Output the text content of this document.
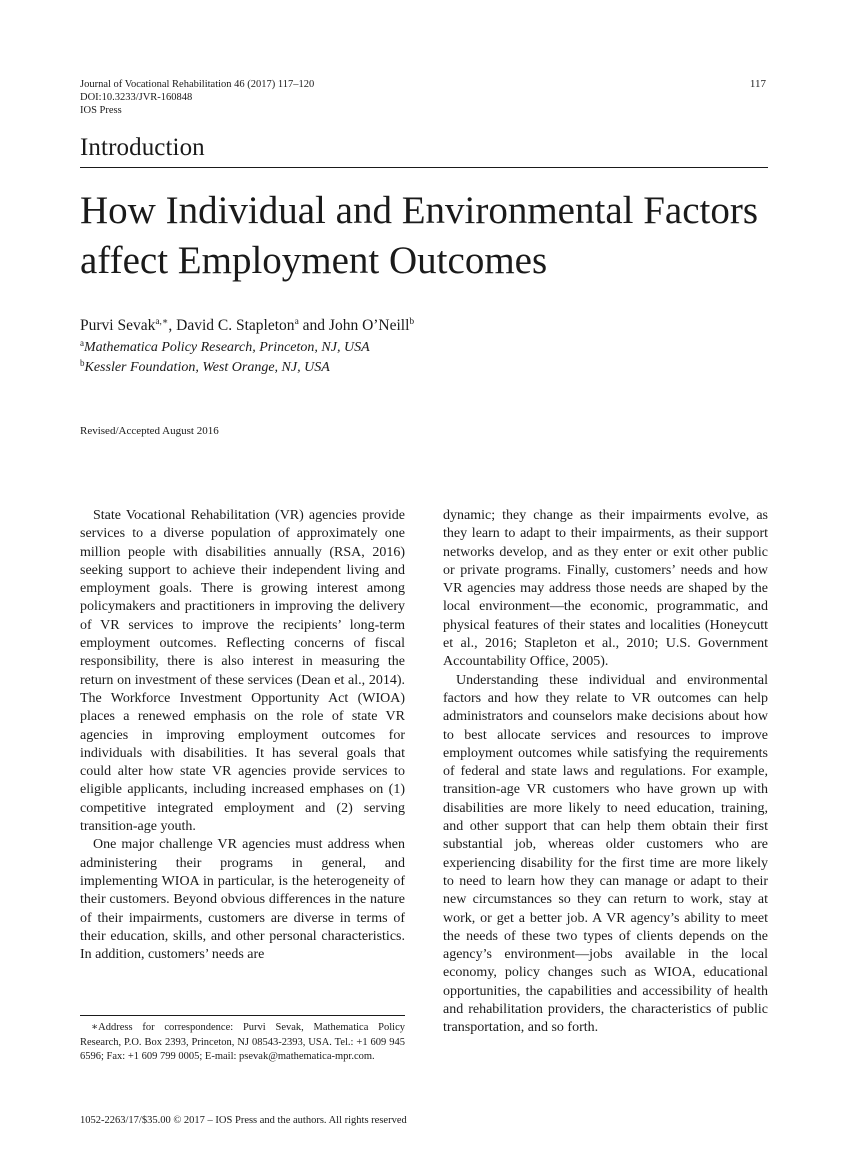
Journal of Vocational Rehabilitation 46 (2017) 117–120
DOI:10.3233/JVR-160848
IOS Press
117
Introduction
How Individual and Environmental Factors
affect Employment Outcomes
Purvi Sevak$^{a,∗}$, David C. Stapleton$^a$ and John O’Neill$^b$
$^a$Mathematica Policy Research, Princeton, NJ, USA
$^b$Kessler Foundation, West Orange, NJ, USA
Revised/Accepted August 2016

State Vocational Rehabilitation (VR) agencies provide services to a diverse population of approximately one million people with disabilities annually (RSA, 2016) seeking support to achieve their independent living and employment goals. There is growing interest among policymakers and practitioners in improving the delivery of VR services to improve the recipients’ long-term employment outcomes. Reflecting concerns of fiscal responsibility, there is also interest in measuring the return on investment of these services (Dean et al., 2014). The Workforce Investment Opportunity Act (WIOA) places a renewed emphasis on the role of state VR agencies in improving employment outcomes for individuals with disabilities. It has several goals that could alter how state VR agencies provide services to eligible applicants, including increased emphases on (1) competitive integrated employment and (2) serving transition-age youth.

One major challenge VR agencies must address when administering their programs in general, and implementing WIOA in particular, is the heterogeneity of their customers. Beyond obvious differences in the nature of their impairments, customers are diverse in terms of their education, skills, and other personal characteristics. In addition, customers’ needs are

dynamic; they change as their impairments evolve, as they learn to adapt to their impairments, as their support networks develop, and as they enter or exit other public or private programs. Finally, customers’ needs and how VR agencies may address those needs are shaped by the local environment—the economic, programmatic, and physical features of their states and localities (Honeycutt et al., 2016; Stapleton et al., 2010; U.S. Government Accountability Office, 2005).

Understanding these individual and environmental factors and how they relate to VR outcomes can help administrators and counselors make decisions about how to best allocate services and resources to improve employment outcomes while satisfying the requirements of federal and state laws and regulations. For example, transition-age VR customers who have grown up with disabilities are more likely to need education, training, and other support that can help them obtain their first substantial job, whereas older customers who are experiencing disability for the first time are more likely to need to learn how they can manage or adapt to their new circumstances so they can return to work, stay at work, or get a better job. A VR agency’s ability to meet the needs of these two types of clients depends on the agency’s environment—jobs available in the local economy, policy changes such as WIOA, educational opportunities, the capabilities and accessibility of health and rehabilitation providers, the characteristics of public transportation, and so forth.

∗Address for correspondence: Purvi Sevak, Mathematica Policy Research, P.O. Box 2393, Princeton, NJ 08543-2393, USA. Tel.: +1 609 945 6596; Fax: +1 609 799 0005; E-mail: psevak@mathematica-mpr.com.
1052-2263/17/$35.00 © 2017 – IOS Press and the authors. All rights reserved
